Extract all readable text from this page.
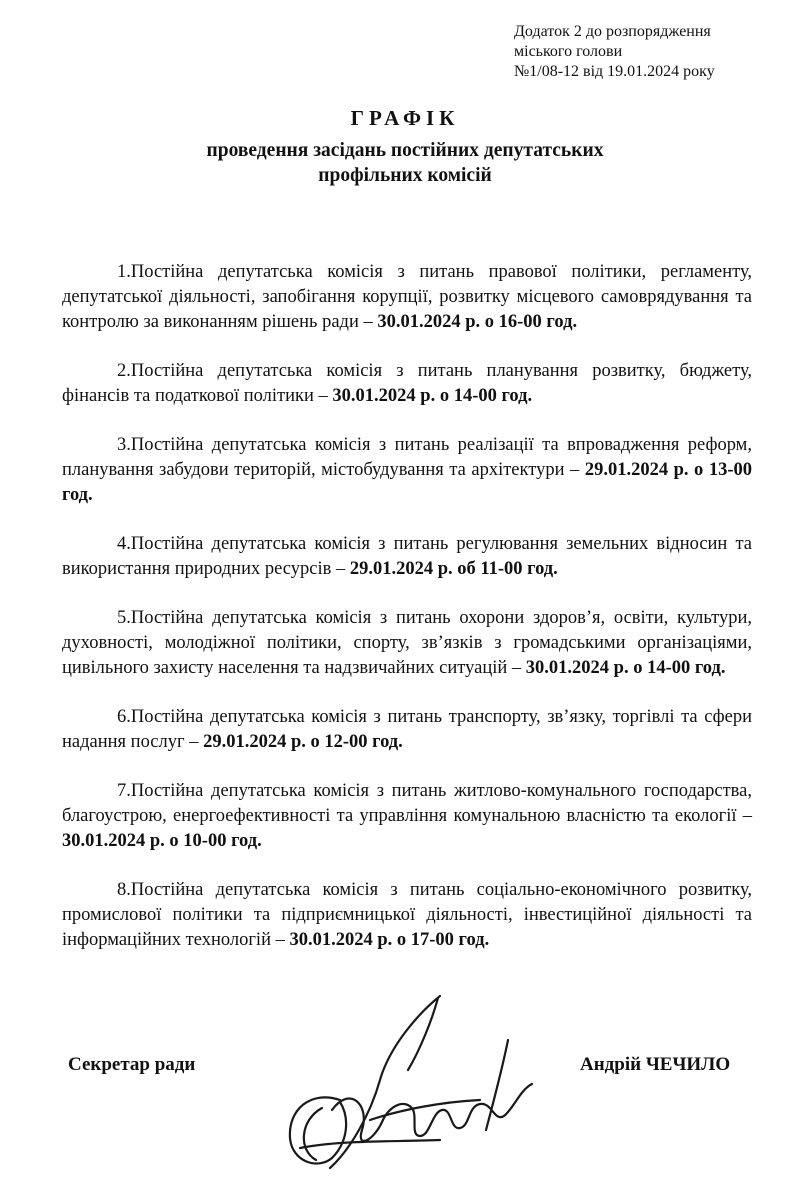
Додаток 2 до розпорядження
міського голови
№1/08-12 від 19.01.2024 року
ГРАФІК
проведення засідань постійних депутатських
профільних комісій

1.Постійна депутатська комісія з питань правової політики, регламенту, депутатської діяльності, запобігання корупції, розвитку місцевого самоврядування та контролю за виконанням рішень ради – 30.01.2024 р. о 16-00 год.

2.Постійна депутатська комісія з питань планування розвитку, бюджету, фінансів та податкової політики – 30.01.2024 р. о 14-00 год.

3.Постійна депутатська комісія з питань реалізації та впровадження реформ, планування забудови територій, містобудування та архітектури – 29.01.2024 р. о 13-00 год.

4.Постійна депутатська комісія з питань регулювання земельних відносин та використання природних ресурсів – 29.01.2024 р. об 11-00 год.

5.Постійна депутатська комісія з питань охорони здоров’я, освіти, культури, духовності, молодіжної політики, спорту, зв’язків з громадськими організаціями, цивільного захисту населення та надзвичайних ситуацій – 30.01.2024 р. о 14-00 год.

6.Постійна депутатська комісія з питань транспорту, зв’язку, торгівлі та сфери надання послуг – 29.01.2024 р. о 12-00 год.

7.Постійна депутатська комісія з питань житлово-комунального господарства, благоустрою, енергоефективності та управління комунальною власністю та екології – 30.01.2024 р. о 10-00 год.

8.Постійна депутатська комісія з питань соціально-економічного розвитку, промислової політики та підприємницької діяльності, інвестиційної діяльності та інформаційних технологій – 30.01.2024 р. о 17-00 год.

Секретар ради	Андрій ЧЕЧИЛО
